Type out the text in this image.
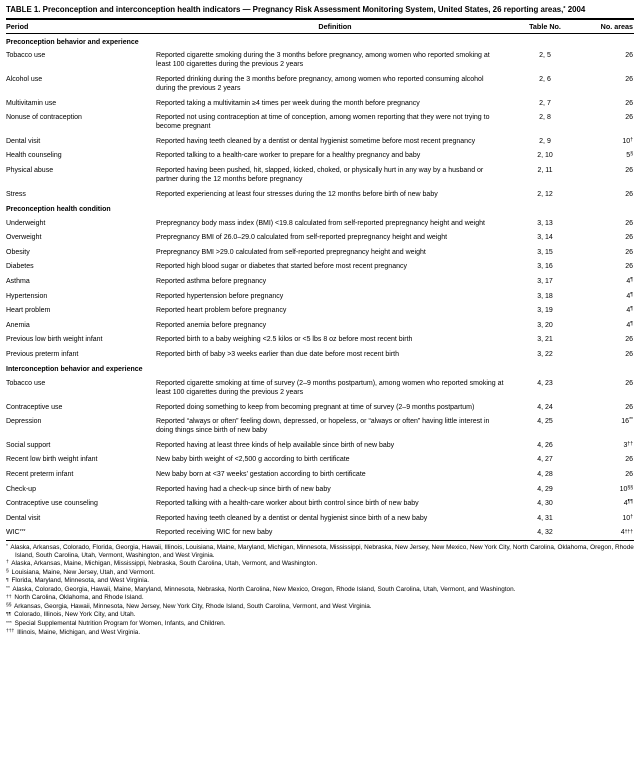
TABLE 1. Preconception and interconception health indicators — Pregnancy Risk Assessment Monitoring System, United States, 26 reporting areas,* 2004
Period	Definition	Table No.	No. areas
Preconception behavior and experience			
Tobacco use	Reported cigarette smoking during the 3 months before pregnancy, among women who reported smoking at least 100 cigarettes during the previous 2 years	2, 5	26
Alcohol use	Reported drinking during the 3 months before pregnancy, among women who reported consuming alcohol during the previous 2 years	2, 6	26
Multivitamin use	Reported taking a multivitamin ≥4 times per week during the month before pregnancy	2, 7	26
Nonuse of contraception	Reported not using contraception at time of conception, among women reporting that they were not trying to become pregnant	2, 8	26
Dental visit	Reported having teeth cleaned by a dentist or dental hygienist sometime before most recent pregnancy	2, 9	10†
Health counseling	Reported talking to a health-care worker to prepare for a healthy pregnancy and baby	2, 10	5§
Physical abuse	Reported having been pushed, hit, slapped, kicked, choked, or physically hurt in any way by a husband or partner during the 12 months before pregnancy	2, 11	26
Stress	Reported experiencing at least four stresses during the 12 months before birth of new baby	2, 12	26
Preconception health condition			
Underweight	Prepregnancy body mass index (BMI) <19.8 calculated from self-reported prepregnancy height and weight	3, 13	26
Overweight	Prepregnancy BMI of 26.0–29.0 calculated from self-reported prepregnancy height and weight	3, 14	26
Obesity	Prepregnancy BMI >29.0 calculated from self-reported prepregnancy height and weight	3, 15	26
Diabetes	Reported high blood sugar or diabetes that started before most recent pregnancy	3, 16	26
Asthma	Reported asthma before pregnancy	3, 17	4¶
Hypertension	Reported hypertension before pregnancy	3, 18	4¶
Heart problem	Reported heart problem before pregnancy	3, 19	4¶
Anemia	Reported anemia before pregnancy	3, 20	4¶
Previous low birth weight infant	Reported birth to a baby weighing <2.5 kilos or <5 lbs 8 oz before most recent birth	3, 21	26
Previous preterm infant	Reported birth of baby >3 weeks earlier than due date before most recent birth	3, 22	26
Interconception behavior and experience			
Tobacco use	Reported cigarette smoking at time of survey (2–9 months postpartum), among women who reported smoking at least 100 cigarettes during the previous 2 years	4, 23	26
Contraceptive use	Reported doing something to keep from becoming pregnant at time of survey (2–9 months postpartum)	4, 24	26
Depression	Reported “always or often” feeling down, depressed, or hopeless, or “always or often” having little interest in doing things since birth of new baby	4, 25	16**
Social support	Reported having at least three kinds of help available since birth of new baby	4, 26	3††
Recent low birth weight infant	New baby birth weight of <2,500 g according to birth certificate	4, 27	26
Recent preterm infant	New baby born at <37 weeks’ gestation according to birth certificate	4, 28	26
Check-up	Reported having had a check-up since birth of new baby	4, 29	10§§
Contraceptive use counseling	Reported talking with a health-care worker about birth control since birth of new baby	4, 30	4¶¶
Dental visit	Reported having teeth cleaned by a dentist or dental hygienist since birth of a new baby	4, 31	10†
WIC***	Reported receiving WIC for new baby	4, 32	4†††
* Alaska, Arkansas, Colorado, Florida, Georgia, Hawaii, Illinois, Louisiana, Maine, Maryland, Michigan, Minnesota, Mississippi, Nebraska, New Jersey, New Mexico, New York City, North Carolina, Oklahoma, Oregon, Rhode Island, South Carolina, Utah, Vermont, Washington, and West Virginia.
† Alaska, Arkansas, Maine, Michigan, Mississippi, Nebraska, South Carolina, Utah, Vermont, and Washington.
§ Louisiana, Maine, New Jersey, Utah, and Vermont.
¶ Florida, Maryland, Minnesota, and West Virginia.
** Alaska, Colorado, Georgia, Hawaii, Maine, Maryland, Minnesota, Nebraska, North Carolina, New Mexico, Oregon, Rhode Island, South Carolina, Utah, Vermont, and Washington.
†† North Carolina, Oklahoma, and Rhode Island.
§§ Arkansas, Georgia, Hawaii, Minnesota, New Jersey, New York City, Rhode Island, South Carolina, Vermont, and West Virginia.
¶¶ Colorado, Illinois, New York City, and Utah.
*** Special Supplemental Nutrition Program for Women, Infants, and Children.
††† Illinois, Maine, Michigan, and West Virginia.
